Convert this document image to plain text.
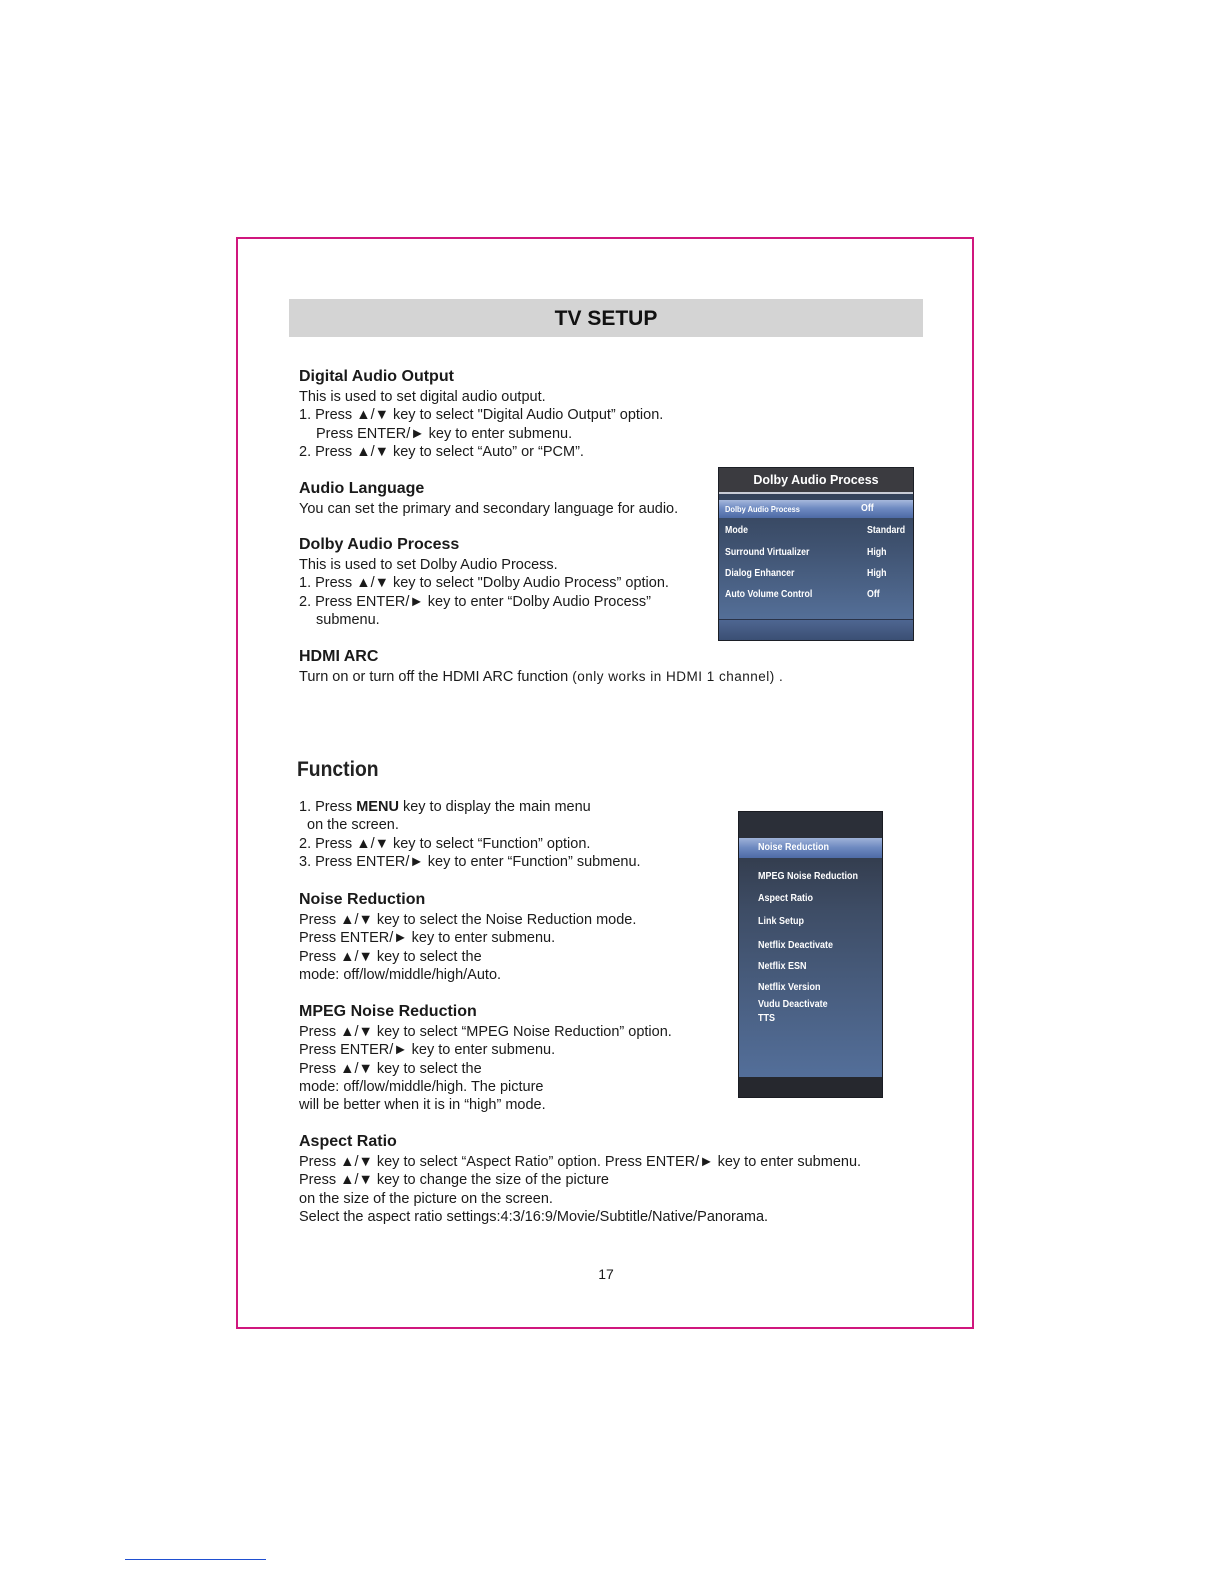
TV SETUP
Digital Audio Output
This is used to set digital audio output.
1. Press ▲/▼ key to select "Digital Audio Output” option.
Press ENTER/► key to enter submenu.
2. Press ▲/▼ key to select “Auto” or “PCM”.
Audio Language
You can set the primary and secondary language for audio.
Dolby Audio Process
This is used to set Dolby Audio Process.
1. Press ▲/▼ key to select "Dolby Audio Process” option.
2. Press ENTER/► key to enter “Dolby Audio Process”
submenu.
HDMI ARC
Turn on or turn off the HDMI ARC function (only works in HDMI 1 channel) .
Dolby Audio Process
Dolby Audio Process	Off
Mode	Standard
Surround Virtualizer	High
Dialog Enhancer	High
Auto Volume Control	Off
Function
1. Press MENU key to display the main menu
on the screen.
2. Press ▲/▼ key to select “Function” option.
3. Press ENTER/► key to enter “Function” submenu.
Noise Reduction
Press ▲/▼ key to select the Noise Reduction mode.
Press ENTER/► key to enter submenu.
Press ▲/▼ key to select the
mode: off/low/middle/high/Auto.
MPEG Noise Reduction
Press ▲/▼ key to select “MPEG Noise Reduction” option.
Press ENTER/► key to enter submenu.
Press ▲/▼ key to select the
mode: off/low/middle/high. The picture
will be better when it is in “high” mode.
Aspect Ratio
Press ▲/▼ key to select “Aspect Ratio” option. Press ENTER/► key to enter submenu.
Press ▲/▼ key to change the size of the picture
on the size of the picture on the screen.
Select the aspect ratio settings:4:3/16:9/Movie/Subtitle/Native/Panorama.
Noise Reduction
MPEG Noise Reduction
Aspect Ratio
Link Setup
Netflix Deactivate
Netflix ESN
Netflix Version
Vudu Deactivate
TTS
17
